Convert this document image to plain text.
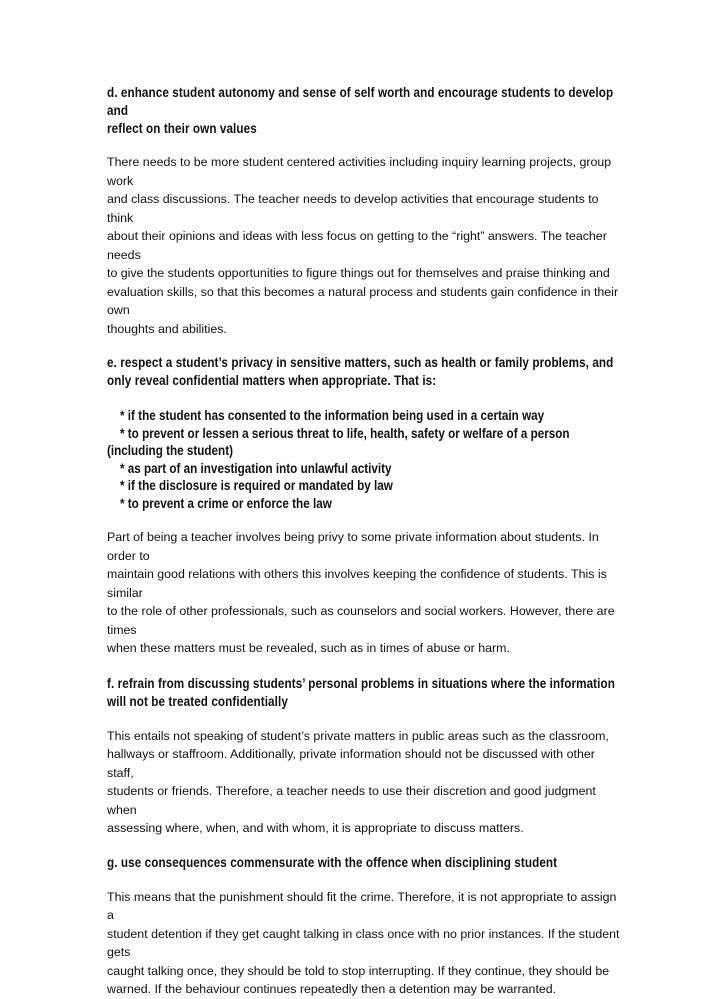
d. enhance student autonomy and sense of self worth and encourage students to develop and
reflect on their own values
There needs to be more student centered activities including inquiry learning projects, group work
and class discussions. The teacher needs to develop activities that encourage students to think
about their opinions and ideas with less focus on getting to the “right” answers. The teacher needs
to give the students opportunities to figure things out for themselves and praise thinking and
evaluation skills, so that this becomes a natural process and students gain confidence in their own
thoughts and abilities.
e. respect a student’s privacy in sensitive matters, such as health or family problems, and
only reveal confidential matters when appropriate. That is:
* if the student has consented to the information being used in a certain way
* to prevent or lessen a serious threat to life, health, safety or welfare of a person
(including the student)
* as part of an investigation into unlawful activity
* if the disclosure is required or mandated by law
* to prevent a crime or enforce the law
Part of being a teacher involves being privy to some private information about students. In order to
maintain good relations with others this involves keeping the confidence of students. This is similar
to the role of other professionals, such as counselors and social workers. However, there are times
when these matters must be revealed, such as in times of abuse or harm.
f. refrain from discussing students’ personal problems in situations where the information
will not be treated confidentially
This entails not speaking of student’s private matters in public areas such as the classroom,
hallways or staffroom. Additionally, private information should not be discussed with other staff,
students or friends. Therefore, a teacher needs to use their discretion and good judgment when
assessing where, when, and with whom, it is appropriate to discuss matters.
g. use consequences commensurate with the offence when disciplining student
This means that the punishment should fit the crime. Therefore, it is not appropriate to assign a
student detention if they get caught talking in class once with no prior instances. If the student gets
caught talking once, they should be told to stop interrupting. If they continue, they should be
warned. If the behaviour continues repeatedly then a detention may be warranted.
